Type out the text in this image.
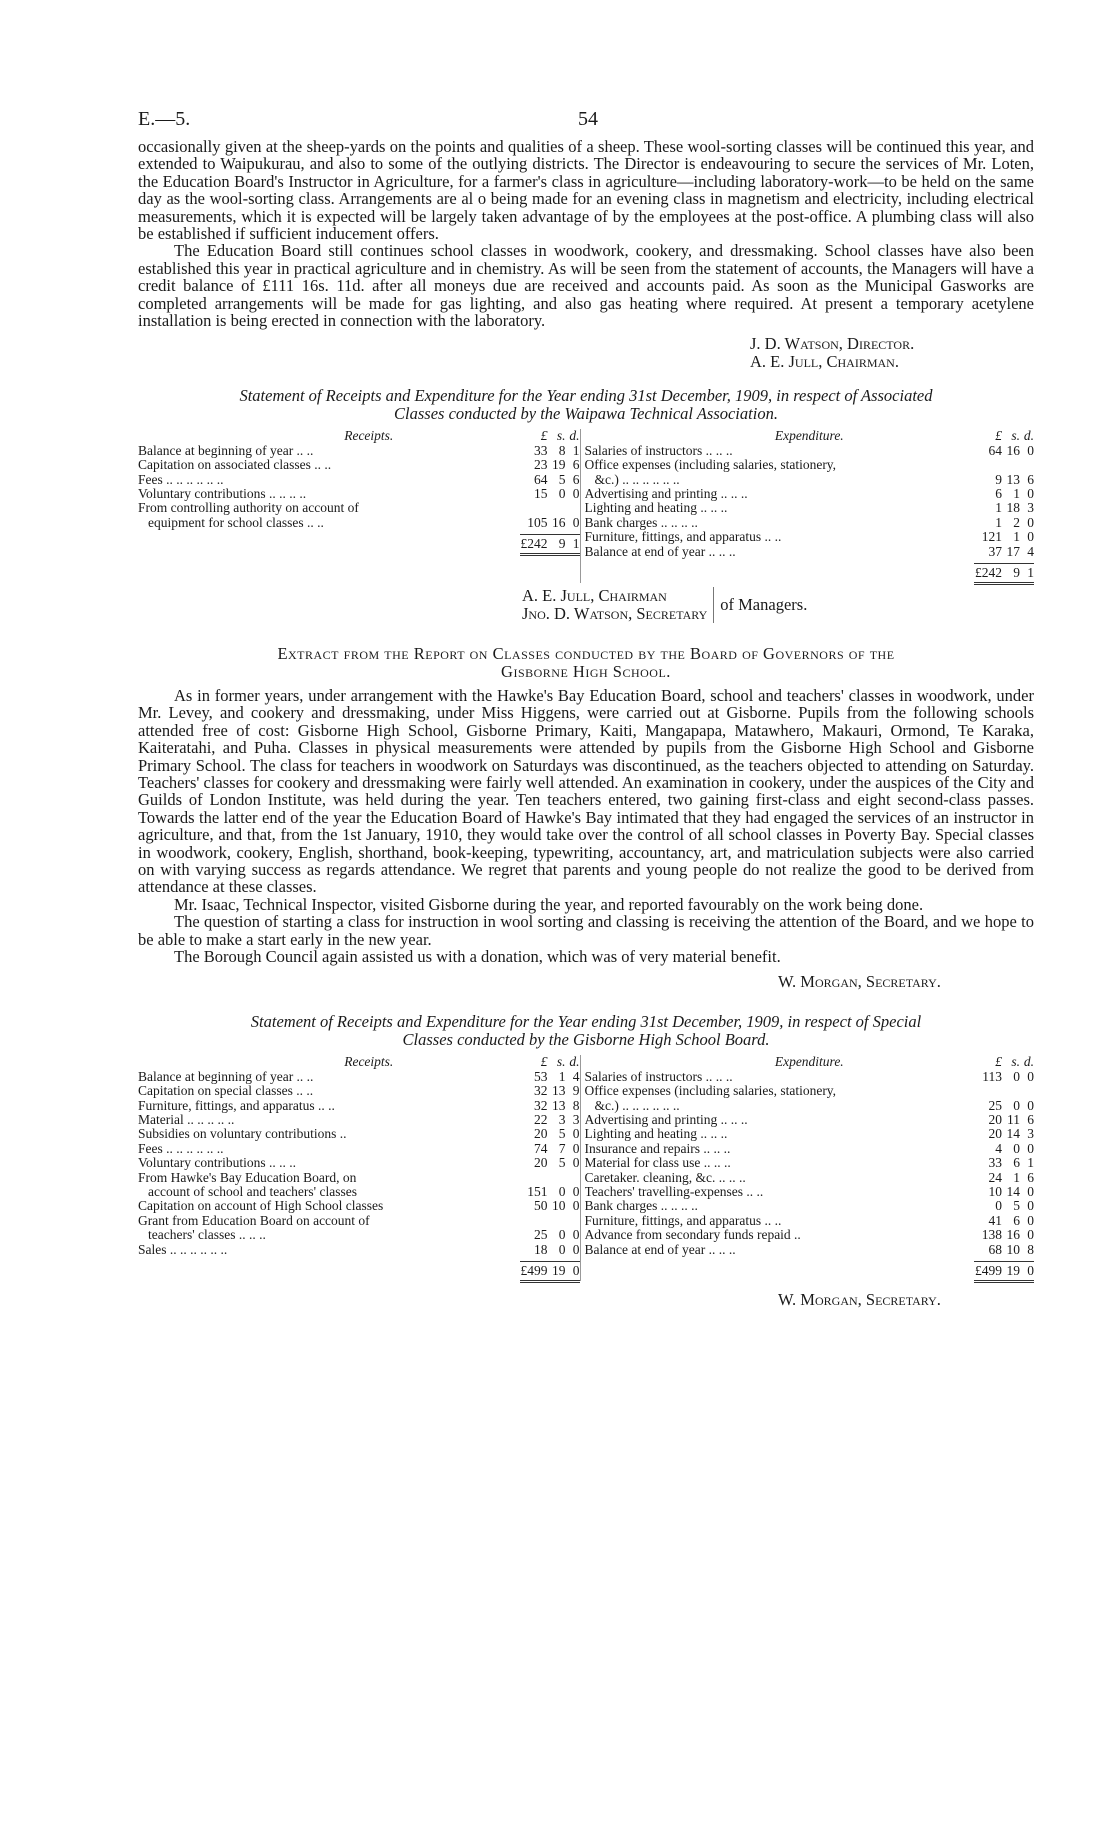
E.—5.	54

occasionally given at the sheep-yards on the points and qualities of a sheep. These wool-sorting classes will be continued this year, and extended to Waipukurau, and also to some of the outlying districts. The Director is endeavouring to secure the services of Mr. Loten, the Education Board's Instructor in Agriculture, for a farmer's class in agriculture—including laboratory-work—to be held on the same day as the wool-sorting class. Arrangements are al o being made for an evening class in magnetism and electricity, including electrical measurements, which it is expected will be largely taken advantage of by the employees at the post-office. A plumbing class will also be established if sufficient inducement offers.

The Education Board still continues school classes in woodwork, cookery, and dressmaking. School classes have also been established this year in practical agriculture and in chemistry. As will be seen from the statement of accounts, the Managers will have a credit balance of £111 16s. 11d. after all moneys due are received and accounts paid. As soon as the Municipal Gasworks are completed arrangements will be made for gas lighting, and also gas heating where required. At present a temporary acetylene installation is being erected in connection with the laboratory.

J. D. Watson, Director.
A. E. Jull, Chairman.
Statement of Receipts and Expenditure for the Year ending 31st December, 1909, in respect of Associated
Classes conducted by the Waipawa Technical Association.
Receipts.	£ s. d.
Balance at beginning of year .. ..	33 8 1
Capitation on associated classes .. ..	23 19 6
Fees .. .. .. .. .. ..	64 5 6
Voluntary contributions .. .. .. ..	15 0 0
From controlling authority on account of
equipment for school classes .. ..	105 16 0
£242 9 1
Expenditure.	£ s. d.
Salaries of instructors .. .. ..	64 16 0
Office expenses (including salaries, stationery,
&c.) .. .. .. .. .. ..	9 13 6
Advertising and printing .. .. ..	6 1 0
Lighting and heating .. .. ..	1 18 3
Bank charges .. .. .. ..	1 2 0
Furniture, fittings, and apparatus .. ..	121 1 0
Balance at end of year .. .. ..	37 17 4
£242 9 1
A. E. Jull, Chairman
Jno. D. Watson, Secretary of Managers.
Extract from the Report on Classes conducted by the Board of Governors of the
Gisborne High School.

As in former years, under arrangement with the Hawke's Bay Education Board, school and teachers' classes in woodwork, under Mr. Levey, and cookery and dressmaking, under Miss Higgens, were carried out at Gisborne. Pupils from the following schools attended free of cost: Gisborne High School, Gisborne Primary, Kaiti, Mangapapa, Matawhero, Makauri, Ormond, Te Karaka, Kaiteratahi, and Puha. Classes in physical measurements were attended by pupils from the Gisborne High School and Gisborne Primary School. The class for teachers in woodwork on Saturdays was discontinued, as the teachers objected to attending on Saturday. Teachers' classes for cookery and dressmaking were fairly well attended. An examination in cookery, under the auspices of the City and Guilds of London Institute, was held during the year. Ten teachers entered, two gaining first-class and eight second-class passes. Towards the latter end of the year the Education Board of Hawke's Bay intimated that they had engaged the services of an instructor in agriculture, and that, from the 1st January, 1910, they would take over the control of all school classes in Poverty Bay. Special classes in woodwork, cookery, English, shorthand, book-keeping, typewriting, accountancy, art, and matriculation subjects were also carried on with varying success as regards attendance. We regret that parents and young people do not realize the good to be derived from attendance at these classes.

Mr. Isaac, Technical Inspector, visited Gisborne during the year, and reported favourably on the work being done.

The question of starting a class for instruction in wool sorting and classing is receiving the attention of the Board, and we hope to be able to make a start early in the new year.

The Borough Council again assisted us with a donation, which was of very material benefit.

W. Morgan, Secretary.
Statement of Receipts and Expenditure for the Year ending 31st December, 1909, in respect of Special
Classes conducted by the Gisborne High School Board.
Receipts.	£ s. d.
Balance at beginning of year .. ..	53 1 4
Capitation on special classes .. ..	32 13 9
Furniture, fittings, and apparatus .. ..	32 13 8
Material .. .. .. .. ..	22 3 3
Subsidies on voluntary contributions ..	20 5 0
Fees .. .. .. .. .. ..	74 7 0
Voluntary contributions .. .. ..	20 5 0
From Hawke's Bay Education Board, on
account of school and teachers' classes	151 0 0
Capitation on account of High School classes	50 10 0
Grant from Education Board on account of
teachers' classes .. .. ..	25 0 0
Sales .. .. .. .. .. ..	18 0 0
£499 19 0
Expenditure.	£ s. d.
Salaries of instructors .. .. ..	113 0 0
Office expenses (including salaries, stationery,
&c.) .. .. .. .. .. ..	25 0 0
Advertising and printing .. .. ..	20 11 6
Lighting and heating .. .. ..	20 14 3
Insurance and repairs .. .. ..	4 0 0
Material for class use .. .. ..	33 6 1
Caretaker. cleaning, &c. .. .. ..	24 1 6
Teachers' travelling-expenses .. ..	10 14 0
Bank charges .. .. .. ..	0 5 0
Furniture, fittings, and apparatus .. ..	41 6 0
Advance from secondary funds repaid ..	138 16 0
Balance at end of year .. .. ..	68 10 8
£499 19 0
W. Morgan, Secretary.
